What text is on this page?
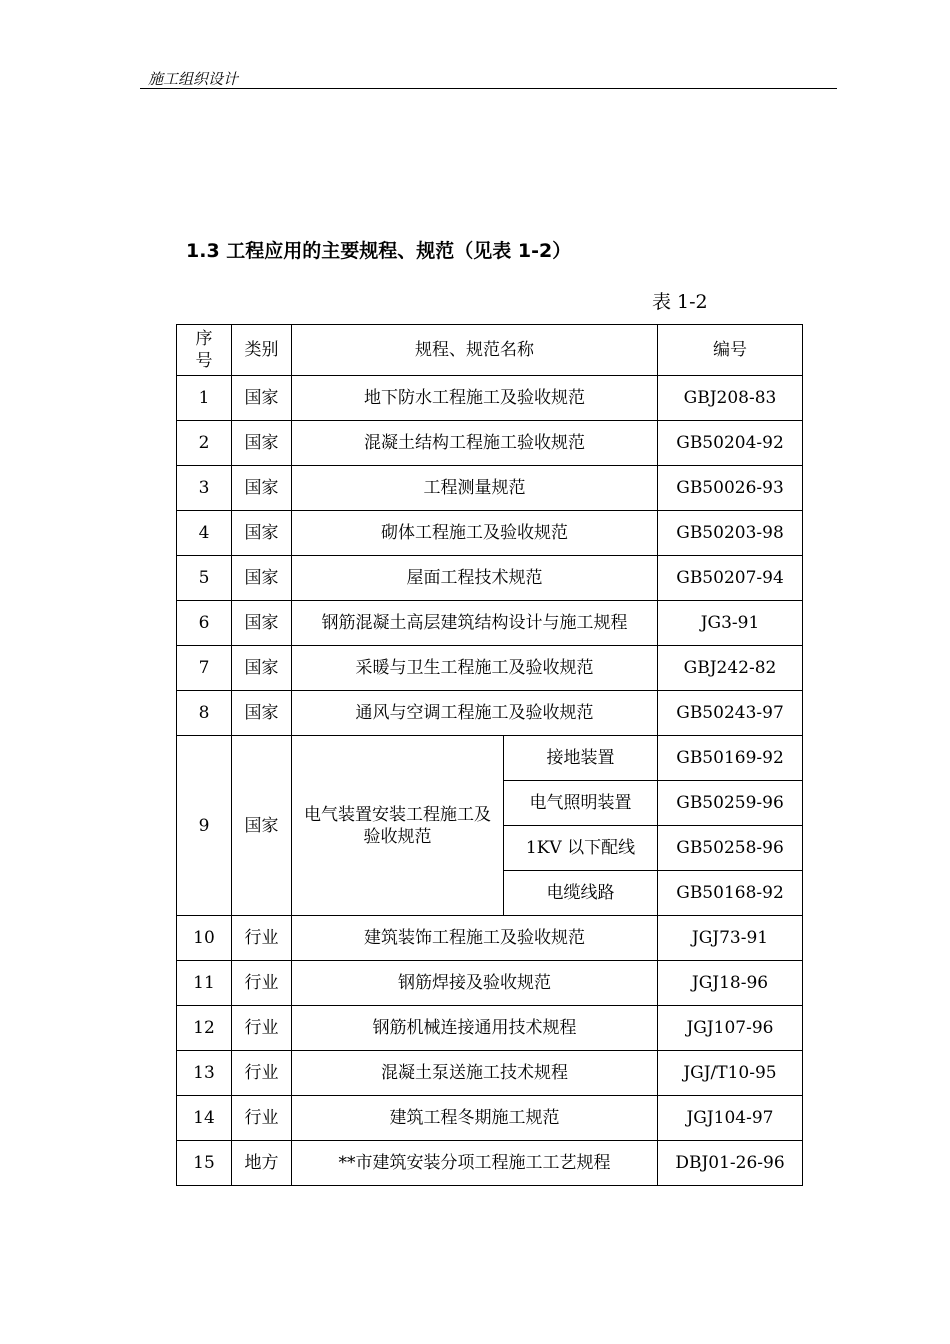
施工组织设计
1.3 工程应用的主要规程、规范（见表 1-2）
表 1-2
序
号	类别	规程、规范名称		编号
1	国家	地下防水工程施工及验收规范		GBJ208-83
2	国家	混凝土结构工程施工验收规范		GB50204-92
3	国家	工程测量规范		GB50026-93
4	国家	砌体工程施工及验收规范		GB50203-98
5	国家	屋面工程技术规范		GB50207-94
6	国家	钢筋混凝土高层建筑结构设计与施工规程		JG3-91
7	国家	采暖与卫生工程施工及验收规范		GBJ242-82
8	国家	通风与空调工程施工及验收规范		GB50243-97
9	国家	电气装置安装工程施工及验收规范	接地装置	GB50169-92
			电气照明装置	GB50259-96
			1KV 以下配线	GB50258-96
			电缆线路	GB50168-92
10	行业	建筑装饰工程施工及验收规范		JGJ73-91
11	行业	钢筋焊接及验收规范		JGJ18-96
12	行业	钢筋机械连接通用技术规程		JGJ107-96
13	行业	混凝土泵送施工技术规程		JGJ/T10-95
14	行业	建筑工程冬期施工规范		JGJ104-97
15	地方	**市建筑安装分项工程施工工艺规程		DBJ01-26-96
